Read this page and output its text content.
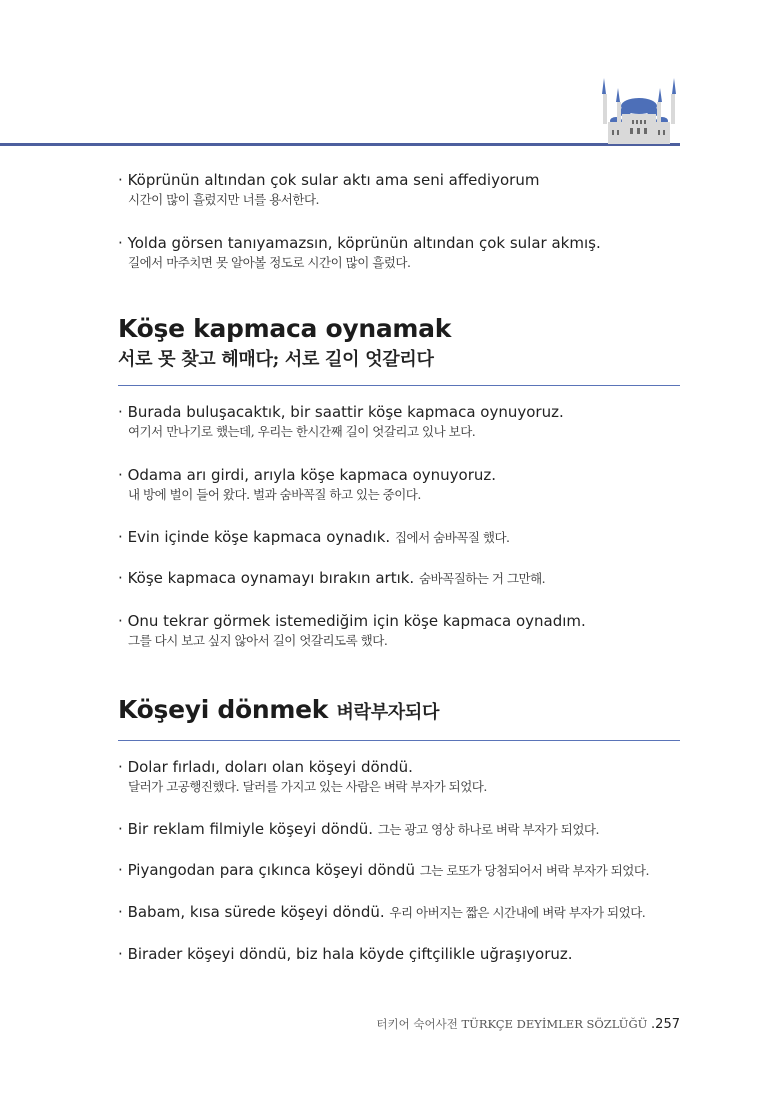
· Köprünün altından çok sular aktı ama seni affediyorum
시간이 많이 흘렀지만 너를 용서한다.
· Yolda görsen tanıyamazsın, köprünün altından çok sular akmış.
길에서 마주치면 못 알아볼 정도로 시간이 많이 흘렀다.
Köşe kapmaca oynamak
서로 못 찾고 헤매다; 서로 길이 엇갈리다
· Burada buluşacaktık, bir saattir köşe kapmaca oynuyoruz.
여기서 만나기로 했는데, 우리는 한시간째 길이 엇갈리고 있나 보다.
· Odama arı girdi, arıyla köşe kapmaca oynuyoruz.
내 방에 벌이 들어 왔다. 벌과 숨바꼭질 하고 있는 중이다.
· Evin içinde köşe kapmaca oynadık. 집에서 숨바꼭질 했다.
· Köşe kapmaca oynamayı bırakın artık. 숨바꼭질하는 거 그만해.
· Onu tekrar görmek istemediğim için köşe kapmaca oynadım.
그를 다시 보고 싶지 않아서 길이 엇갈리도록 했다.
Köşeyi dönmek 벼락부자되다
· Dolar fırladı, doları olan köşeyi döndü.
달러가 고공행진했다. 달러를 가지고 있는 사람은 벼락 부자가 되었다.
· Bir reklam filmiyle köşeyi döndü. 그는 광고 영상 하나로 벼락 부자가 되었다.
· Piyangodan para çıkınca köşeyi döndü 그는 로또가 당첨되어서 벼락 부자가 되었다.
· Babam, kısa sürede köşeyi döndü. 우리 아버지는 짧은 시간내에 벼락 부자가 되었다.
· Birader köşeyi döndü, biz hala köyde çiftçilikle uğraşıyoruz.
터키어 숙어사전 TÜRKÇE DEYİMLER SÖZLÜĞÜ .257
